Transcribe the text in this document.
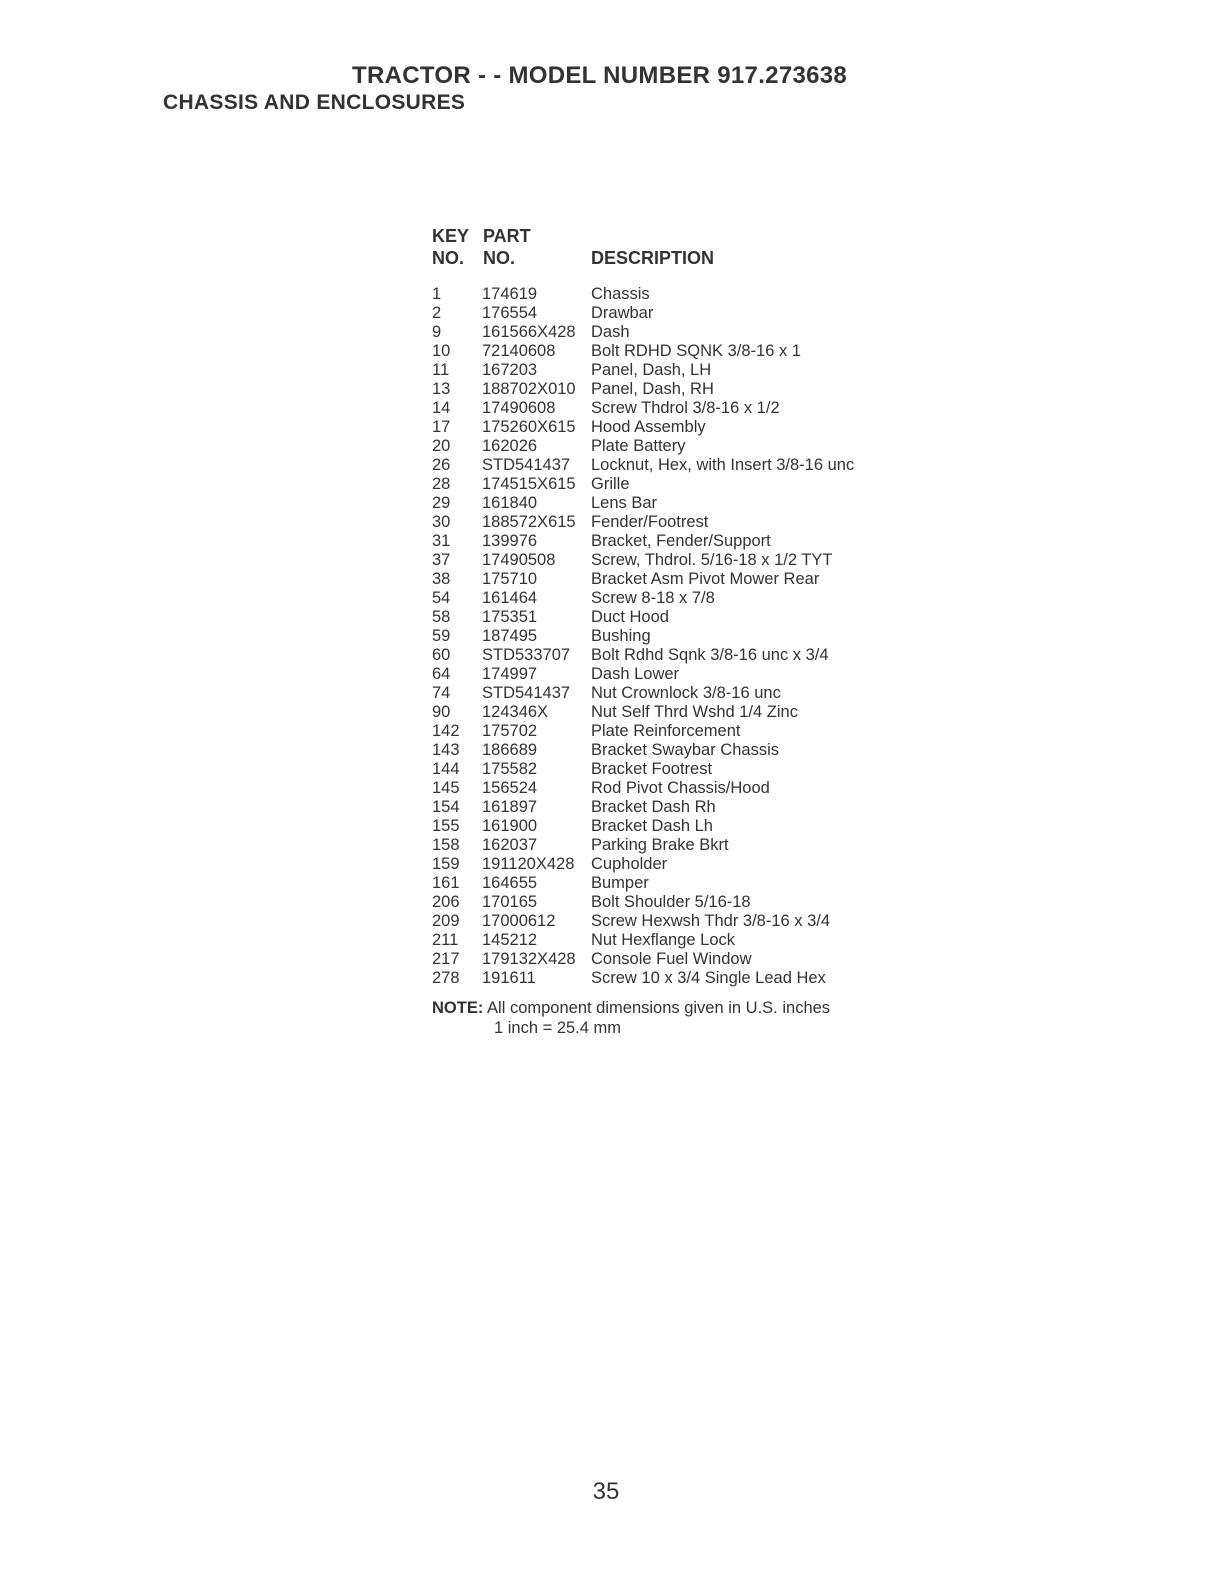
TRACTOR - - MODEL NUMBER 917.273638
CHASSIS AND ENCLOSURES
KEY
NO.
PART
NO.	DESCRIPTION
1 174619	Chassis
2 176554	Drawbar
9 161566X428 Dash
10 72140608 Bolt RDHD SQNK 3/8-16 x 1
11 167203	Panel, Dash, LH
13 188702X010 Panel, Dash, RH
14 17490608 Screw Thdrol 3/8-16 x 1/2
17 175260X615 Hood Assembly
20 162026	Plate Battery
26 STD541437 Locknut, Hex, with Insert 3/8-16 unc
28 174515X615 Grille
29 161840	Lens Bar
30 188572X615 Fender/Footrest
31 139976	Bracket, Fender/Support
37 17490508 Screw, Thdrol. 5/16-18 x 1/2 TYT
38 175710	Bracket Asm Pivot Mower Rear
54 161464	Screw 8-18 x 7/8
58 175351	Duct Hood
59 187495	Bushing
60 STD533707 Bolt Rdhd Sqnk 3/8-16 unc x 3/4
64 174997	Dash Lower
74 STD541437 Nut Crownlock 3/8-16 unc
90 124346X	Nut Self Thrd Wshd 1/4 Zinc
142 175702	Plate Reinforcement
143 186689	Bracket Swaybar Chassis
144 175582	Bracket Footrest
145 156524	Rod Pivot Chassis/Hood
154 161897	Bracket Dash Rh
155 161900	Bracket Dash Lh
158 162037	Parking Brake Bkrt
159 191120X428 Cupholder
161 164655	Bumper
206 170165	Bolt Shoulder 5/16-18
209 17000612 Screw Hexwsh Thdr 3/8-16 x 3/4
211 145212	Nut Hexflange Lock
217 179132X428 Console Fuel Window
278 191611	Screw 10 x 3/4 Single Lead Hex
NOTE: All component dimensions given in U.S. inches
1 inch = 25.4 mm
35
